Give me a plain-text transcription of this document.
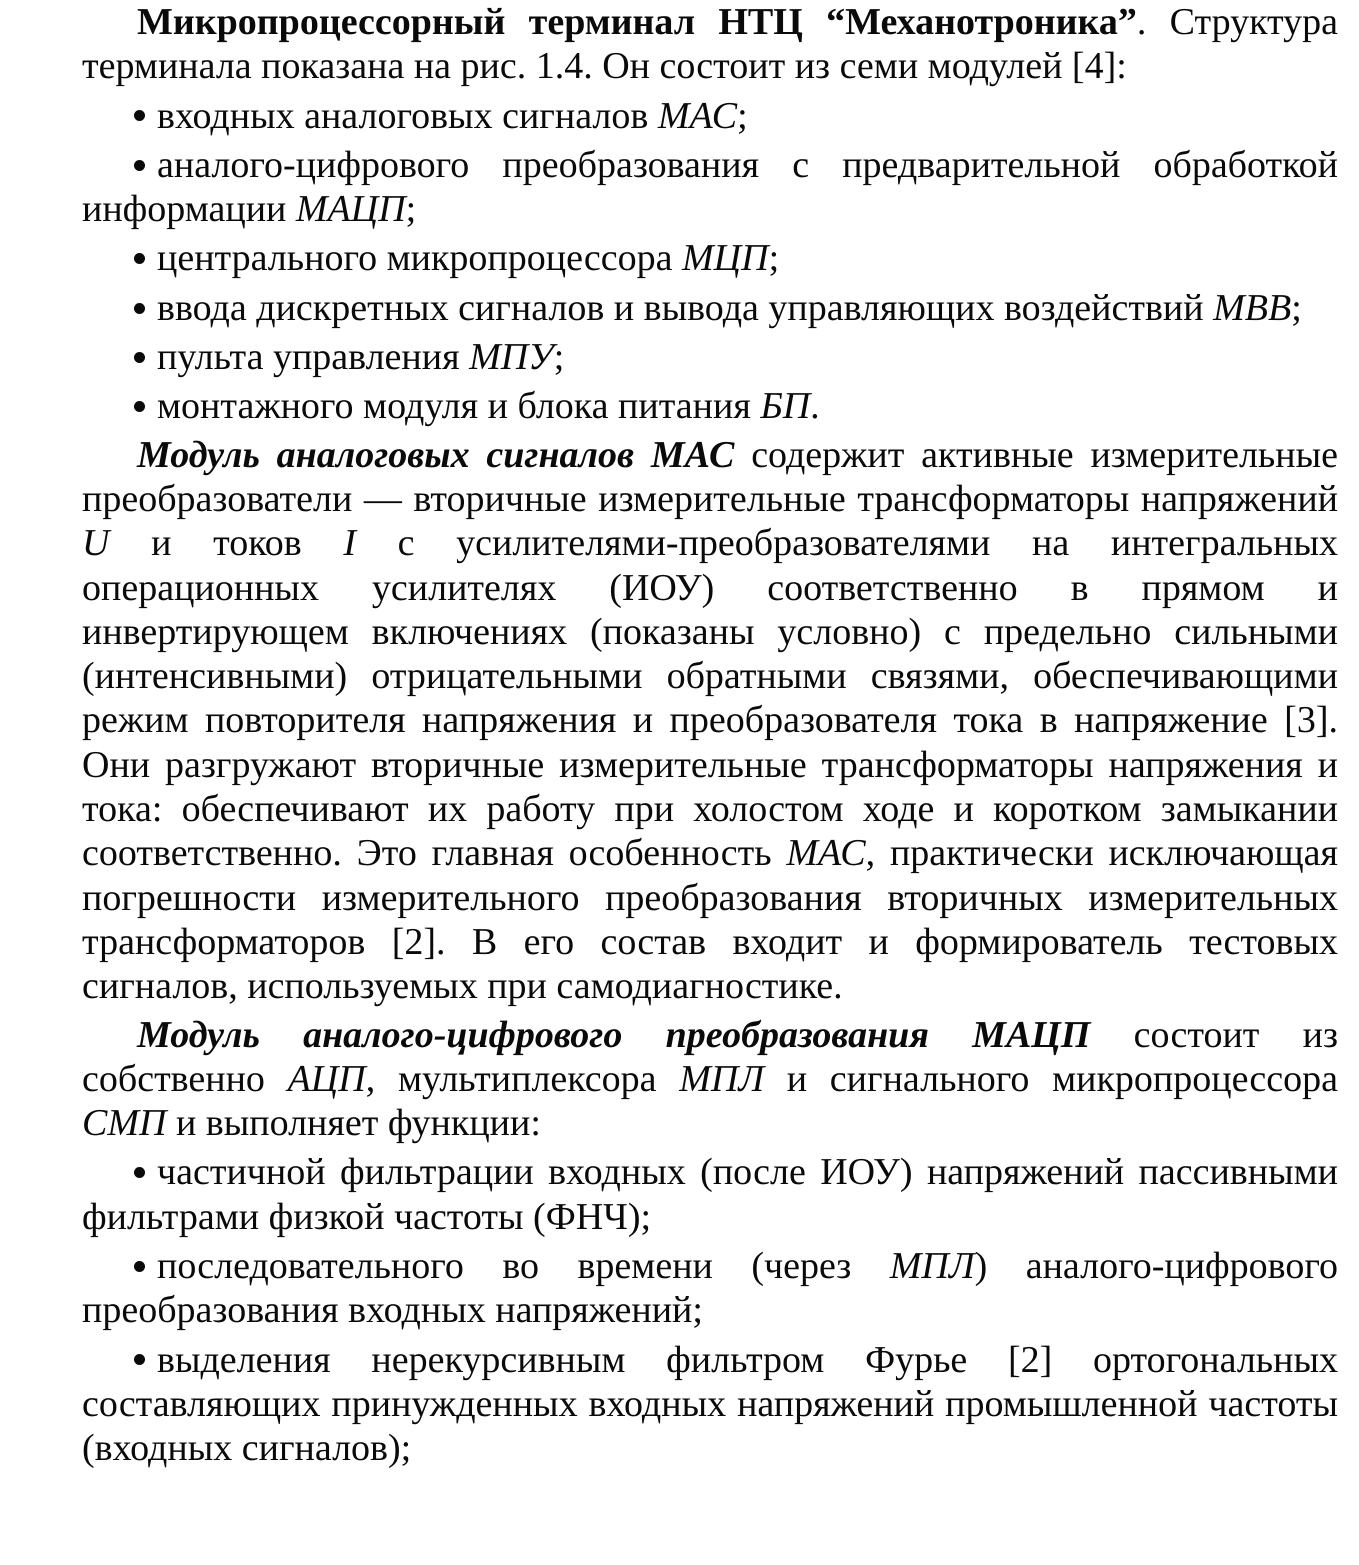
Микропроцессорный терминал НТЦ “Механотроника”. Структура терминала показана на рис. 1.4. Он состоит из семи модулей [4]:

входных аналоговых сигналов МАС;

аналого-цифрового преобразования с предварительной обработкой информации МАЦП;

центрального микропроцессора МЦП;

ввода дискретных сигналов и вывода управляющих воздействий МВВ;

пульта управления МПУ;

монтажного модуля и блока питания БП.

Модуль аналоговых сигналов МАС содержит активные измерительные преобразователи — вторичные измерительные трансформаторы напряжений U и токов I с усилителями-преобразователями на интегральных операционных усилителях (ИОУ) соответственно в прямом и инвертирующем включениях (показаны условно) с предельно сильными (интенсивными) отрицательными обратными связями, обеспечивающими режим повторителя напряжения и преобразователя тока в напряжение [3]. Они разгружают вторичные измерительные трансформаторы напряжения и тока: обеспечивают их работу при холостом ходе и коротком замыкании соответственно. Это главная особенность МАС, практически исключающая погрешности измерительного преобразования вторичных измерительных трансформаторов [2]. В его состав входит и формирователь тестовых сигналов, используемых при самодиагностике.

Модуль аналого-цифрового преобразования МАЦП состоит из собственно АЦП, мультиплексора МПЛ и сигнального микропроцессора СМП и выполняет функции:

частичной фильтрации входных (после ИОУ) напряжений пассивными фильтрами физкой частоты (ФНЧ);

последовательного во времени (через МПЛ) аналого-цифрового преобразования входных напряжений;

выделения нерекурсивным фильтром Фурье [2] ортогональных составляющих принужденных входных напряжений промышленной частоты (входных сигналов);
